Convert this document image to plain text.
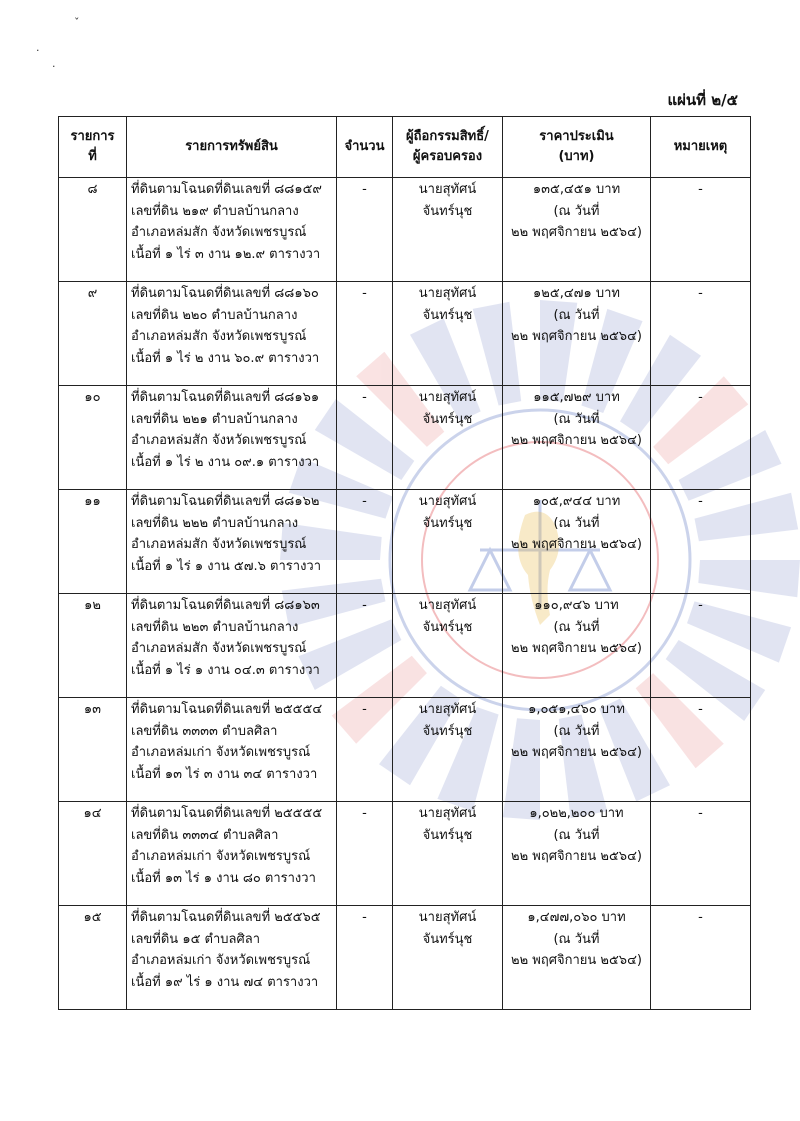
ˇ
·
·
แผ่นที่ ๒/๕
รายการ
ที่	รายการทรัพย์สิน	จำนวน	ผู้ถือกรรมสิทธิ์/
ผู้ครอบครอง	ราคาประเมิน
(บาท)	หมายเหตุ
๘	ที่ดินตามโฉนดที่ดินเลขที่ ๘๘๑๕๙
เลขที่ดิน ๒๑๙ ตำบลบ้านกลาง
อำเภอหล่มสัก จังหวัดเพชรบูรณ์
เนื้อที่ ๑ ไร่ ๓ งาน ๑๒.๙ ตารางวา	-	นายสุทัศน์
จันทร์นุช	๑๓๕,๔๕๑ บาท
(ณ วันที่
๒๒ พฤศจิกายน ๒๕๖๔)	-
๙	ที่ดินตามโฉนดที่ดินเลขที่ ๘๘๑๖๐
เลขที่ดิน ๒๒๐ ตำบลบ้านกลาง
อำเภอหล่มสัก จังหวัดเพชรบูรณ์
เนื้อที่ ๑ ไร่ ๒ งาน ๖๐.๙ ตารางวา	-	นายสุทัศน์
จันทร์นุช	๑๒๕,๔๗๑ บาท
(ณ วันที่
๒๒ พฤศจิกายน ๒๕๖๔)	-
๑๐	ที่ดินตามโฉนดที่ดินเลขที่ ๘๘๑๖๑
เลขที่ดิน ๒๒๑ ตำบลบ้านกลาง
อำเภอหล่มสัก จังหวัดเพชรบูรณ์
เนื้อที่ ๑ ไร่ ๒ งาน ๐๙.๑ ตารางวา	-	นายสุทัศน์
จันทร์นุช	๑๑๕,๗๒๙ บาท
(ณ วันที่
๒๒ พฤศจิกายน ๒๕๖๔)	-
๑๑	ที่ดินตามโฉนดที่ดินเลขที่ ๘๘๑๖๒
เลขที่ดิน ๒๒๒ ตำบลบ้านกลาง
อำเภอหล่มสัก จังหวัดเพชรบูรณ์
เนื้อที่ ๑ ไร่ ๑ งาน ๕๗.๖ ตารางวา	-	นายสุทัศน์
จันทร์นุช	๑๐๕,๙๔๔ บาท
(ณ วันที่
๒๒ พฤศจิกายน ๒๕๖๔)	-
๑๒	ที่ดินตามโฉนดที่ดินเลขที่ ๘๘๑๖๓
เลขที่ดิน ๒๒๓ ตำบลบ้านกลาง
อำเภอหล่มสัก จังหวัดเพชรบูรณ์
เนื้อที่ ๑ ไร่ ๑ งาน ๐๔.๓ ตารางวา	-	นายสุทัศน์
จันทร์นุช	๑๑๐,๙๔๖ บาท
(ณ วันที่
๒๒ พฤศจิกายน ๒๕๖๔)	-
๑๓	ที่ดินตามโฉนดที่ดินเลขที่ ๒๕๕๕๔
เลขที่ดิน ๓๓๓๓ ตำบลศิลา
อำเภอหล่มเก่า จังหวัดเพชรบูรณ์
เนื้อที่ ๑๓ ไร่ ๓ งาน ๓๔ ตารางวา	-	นายสุทัศน์
จันทร์นุช	๑,๐๕๑,๔๖๐ บาท
(ณ วันที่
๒๒ พฤศจิกายน ๒๕๖๔)	-
๑๔	ที่ดินตามโฉนดที่ดินเลขที่ ๒๕๕๕๕
เลขที่ดิน ๓๓๓๔ ตำบลศิลา
อำเภอหล่มเก่า จังหวัดเพชรบูรณ์
เนื้อที่ ๑๓ ไร่ ๑ งาน ๘๐ ตารางวา	-	นายสุทัศน์
จันทร์นุช	๑,๐๒๒,๒๐๐ บาท
(ณ วันที่
๒๒ พฤศจิกายน ๒๕๖๔)	-
๑๕	ที่ดินตามโฉนดที่ดินเลขที่ ๒๕๕๖๕
เลขที่ดิน ๑๕ ตำบลศิลา
อำเภอหล่มเก่า จังหวัดเพชรบูรณ์
เนื้อที่ ๑๙ ไร่ ๑ งาน ๗๔ ตารางวา	-	นายสุทัศน์
จันทร์นุช	๑,๔๗๗,๐๖๐ บาท
(ณ วันที่
๒๒ พฤศจิกายน ๒๕๖๔)	-
